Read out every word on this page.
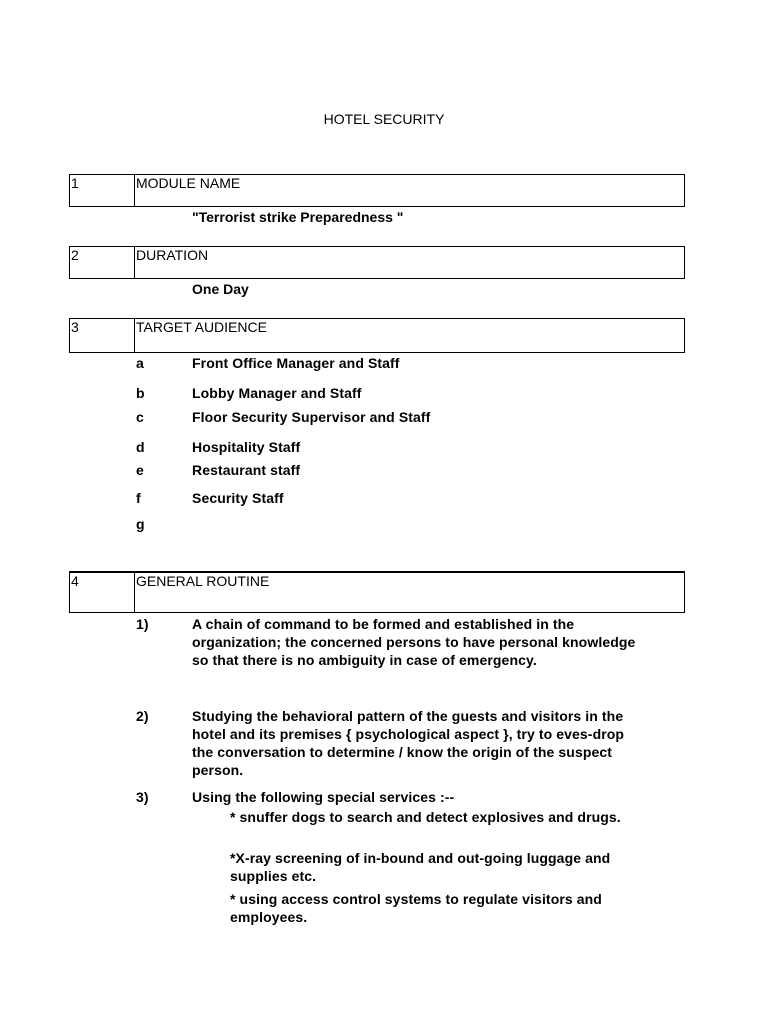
HOTEL SECURITY
1	MODULE NAME
"Terrorist strike Preparedness "
2	DURATION
One Day
3	TARGET AUDIENCE
a	Front Office Manager and Staff
b	Lobby Manager and Staff
c	Floor Security Supervisor and Staff
d	Hospitality Staff
e	Restaurant staff
f	Security Staff
g
4	GENERAL ROUTINE
1)	A chain of command to be formed and established in the
organization; the concerned persons to have personal knowledge
so that there is no ambiguity in case of emergency.
2)	Studying the behavioral pattern of the guests and visitors in the
hotel and its premises { psychological aspect }, try to eves-drop
the conversation to determine / know the origin of the suspect
person.
3)	Using the following special services :--
* snuffer dogs to search and detect explosives and drugs.
*X-ray screening of in-bound and out-going luggage and
supplies etc.
* using access control systems to regulate visitors and
employees.
